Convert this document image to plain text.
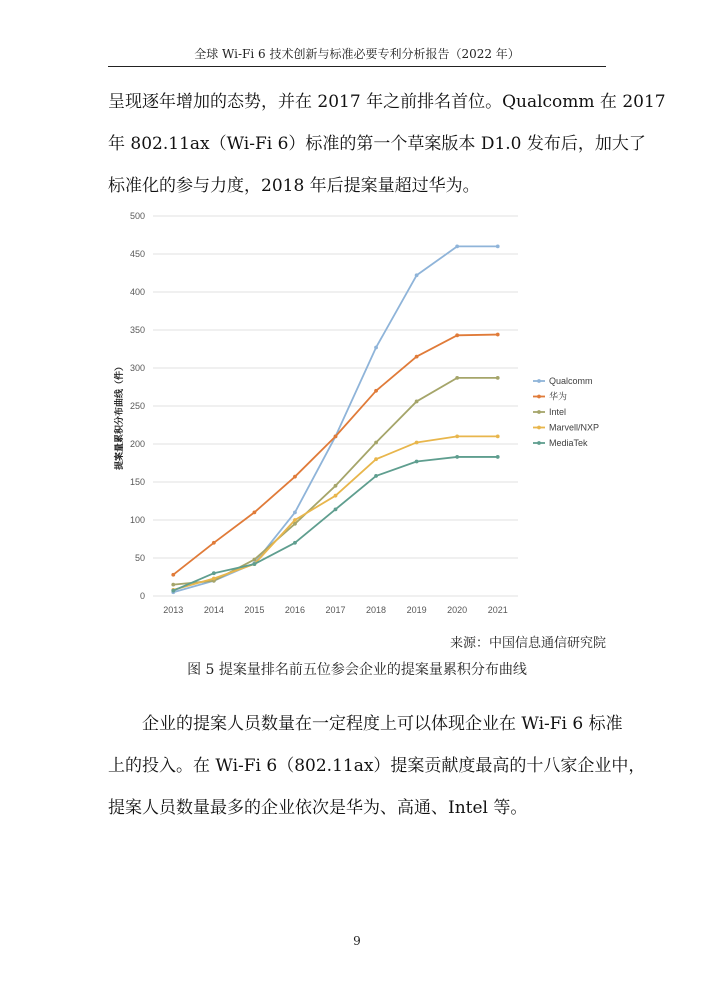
全球 Wi-Fi 6 技术创新与标准必要专利分析报告（2022 年）
呈现逐年增加的态势，并在 2017 年之前排名首位。Qualcomm 在 2017
年 802.11ax（Wi-Fi 6）标准的第一个草案版本 D1.0 发布后，加大了
标准化的参与力度，2018 年后提案量超过华为。
0
50
100
150
200
250
300
350
400
450
500
2013 2014 2015 2016 2017 2018 2019 2020 2021
Qualcomm
华为
Intel
Marvell/NXP
MediaTek
提案量累积分布曲线（件）
来源：中国信息通信研究院
图 5 提案量排名前五位参会企业的提案量累积分布曲线
企业的提案人员数量在一定程度上可以体现企业在 Wi-Fi 6 标准
上的投入。在 Wi-Fi 6（802.11ax）提案贡献度最高的十八家企业中，
提案人员数量最多的企业依次是华为、高通、Intel 等。
9
